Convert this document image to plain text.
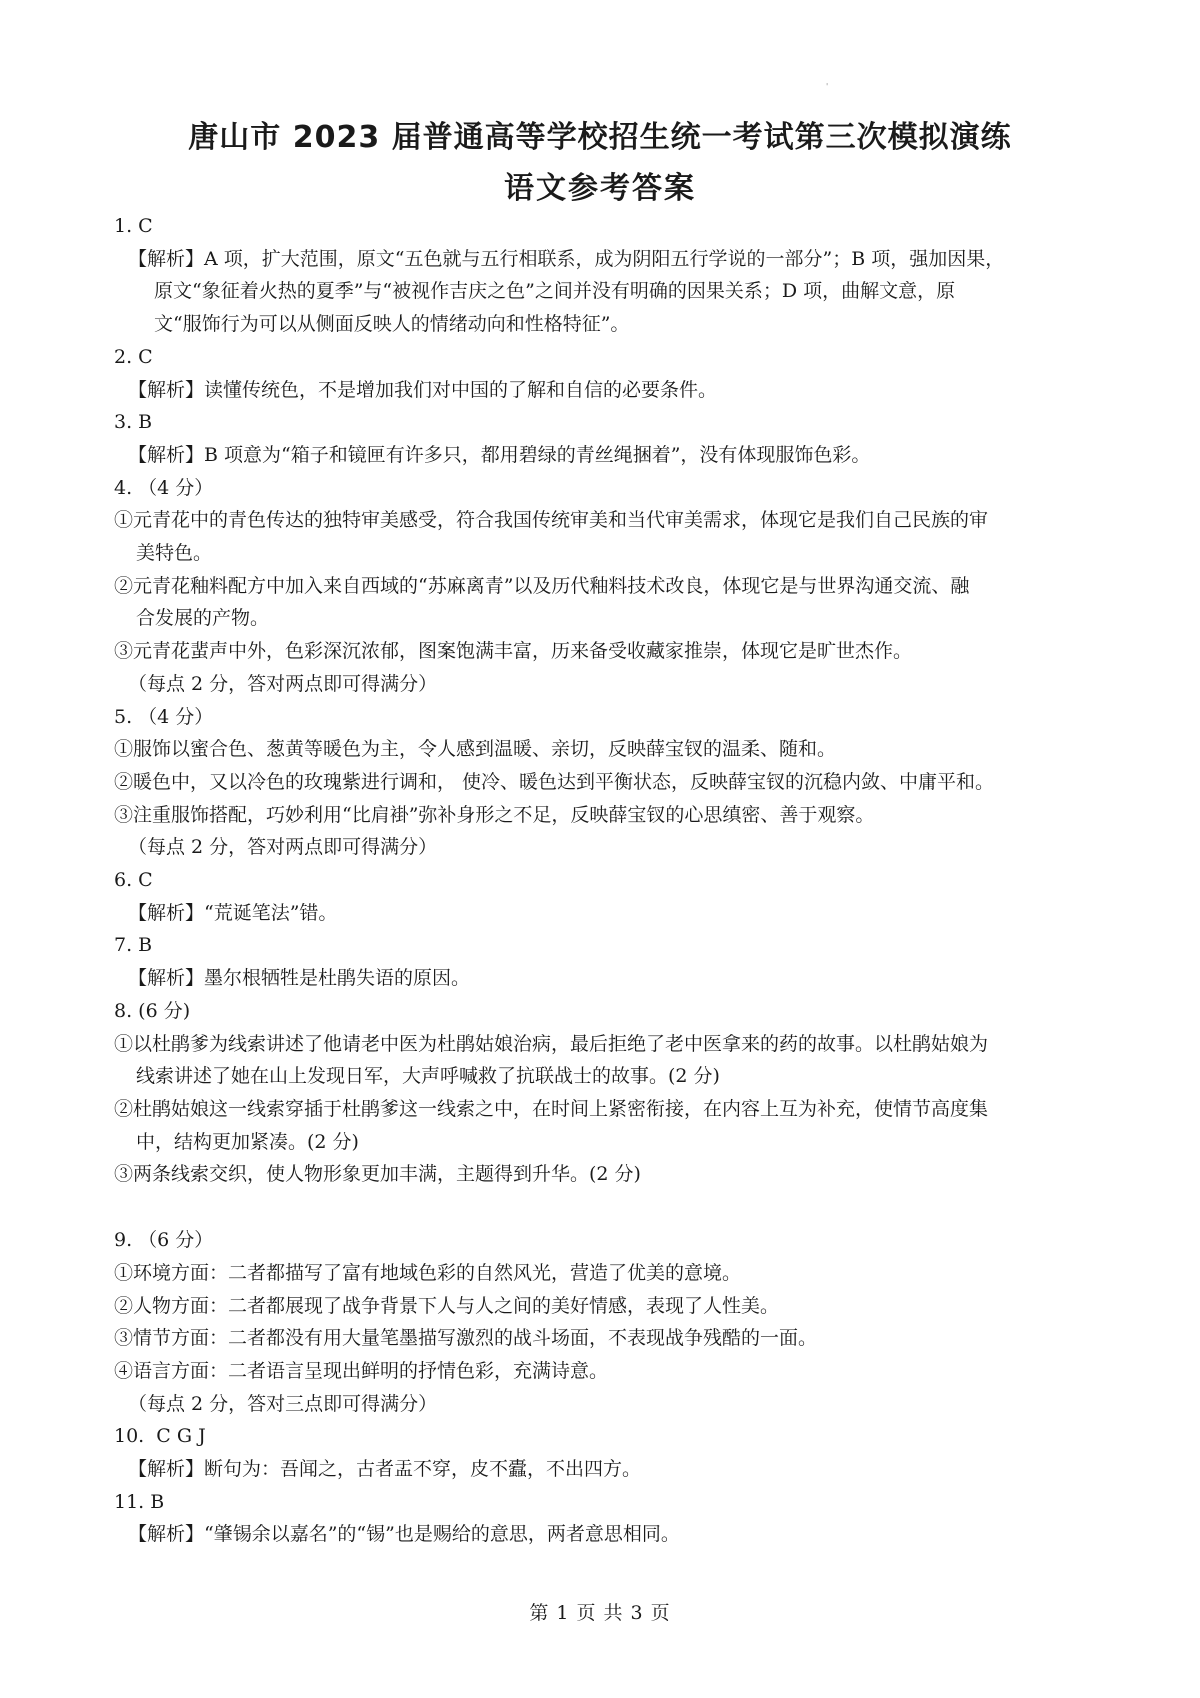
'
唐山市 2023 届普通高等学校招生统一考试第三次模拟演练
语文参考答案
1. C
【解析】A 项，扩大范围，原文“五色就与五行相联系，成为阴阳五行学说的一部分”；B 项，强加因果，
原文“象征着火热的夏季”与“被视作吉庆之色”之间并没有明确的因果关系；D 项，曲解文意，原
文“服饰行为可以从侧面反映人的情绪动向和性格特征”。
2. C
【解析】读懂传统色，不是增加我们对中国的了解和自信的必要条件。
3. B
【解析】B 项意为“箱子和镜匣有许多只，都用碧绿的青丝绳捆着”，没有体现服饰色彩。
4. （4 分）
①元青花中的青色传达的独特审美感受，符合我国传统审美和当代审美需求，体现它是我们自己民族的审
美特色。
②元青花釉料配方中加入来自西域的“苏麻离青”以及历代釉料技术改良，体现它是与世界沟通交流、融
合发展的产物。
③元青花蜚声中外，色彩深沉浓郁，图案饱满丰富，历来备受收藏家推崇，体现它是旷世杰作。
（每点 2 分，答对两点即可得满分）
5. （4 分）
①服饰以蜜合色、葱黄等暖色为主，令人感到温暖、亲切，反映薛宝钗的温柔、随和。
②暖色中，又以冷色的玫瑰紫进行调和， 使冷、暖色达到平衡状态，反映薛宝钗的沉稳内敛、中庸平和。
③注重服饰搭配，巧妙利用“比肩褂”弥补身形之不足，反映薛宝钗的心思缜密、善于观察。
（每点 2 分，答对两点即可得满分）
6. C
【解析】“荒诞笔法”错。
7. B
【解析】墨尔根牺牲是杜鹃失语的原因。
8. (6 分)
①以杜鹃爹为线索讲述了他请老中医为杜鹃姑娘治病，最后拒绝了老中医拿来的药的故事。以杜鹃姑娘为
线索讲述了她在山上发现日军，大声呼喊救了抗联战士的故事。(2 分)
②杜鹃姑娘这一线索穿插于杜鹃爹这一线索之中，在时间上紧密衔接，在内容上互为补充，使情节高度集
中，结构更加紧凑。(2 分)
③两条线索交织，使人物形象更加丰满，主题得到升华。(2 分)
9. （6 分）
①环境方面：二者都描写了富有地域色彩的自然风光，营造了优美的意境。
②人物方面：二者都展现了战争背景下人与人之间的美好情感，表现了人性美。
③情节方面：二者都没有用大量笔墨描写激烈的战斗场面，不表现战争残酷的一面。
④语言方面：二者语言呈现出鲜明的抒情色彩，充满诗意。
（每点 2 分，答对三点即可得满分）
10.  C G J
【解析】断句为：吾闻之，古者盂不穿，皮不蠹，不出四方。
11. B
【解析】“肇锡余以嘉名”的“锡”也是赐给的意思，两者意思相同。
第 1 页 共 3 页
